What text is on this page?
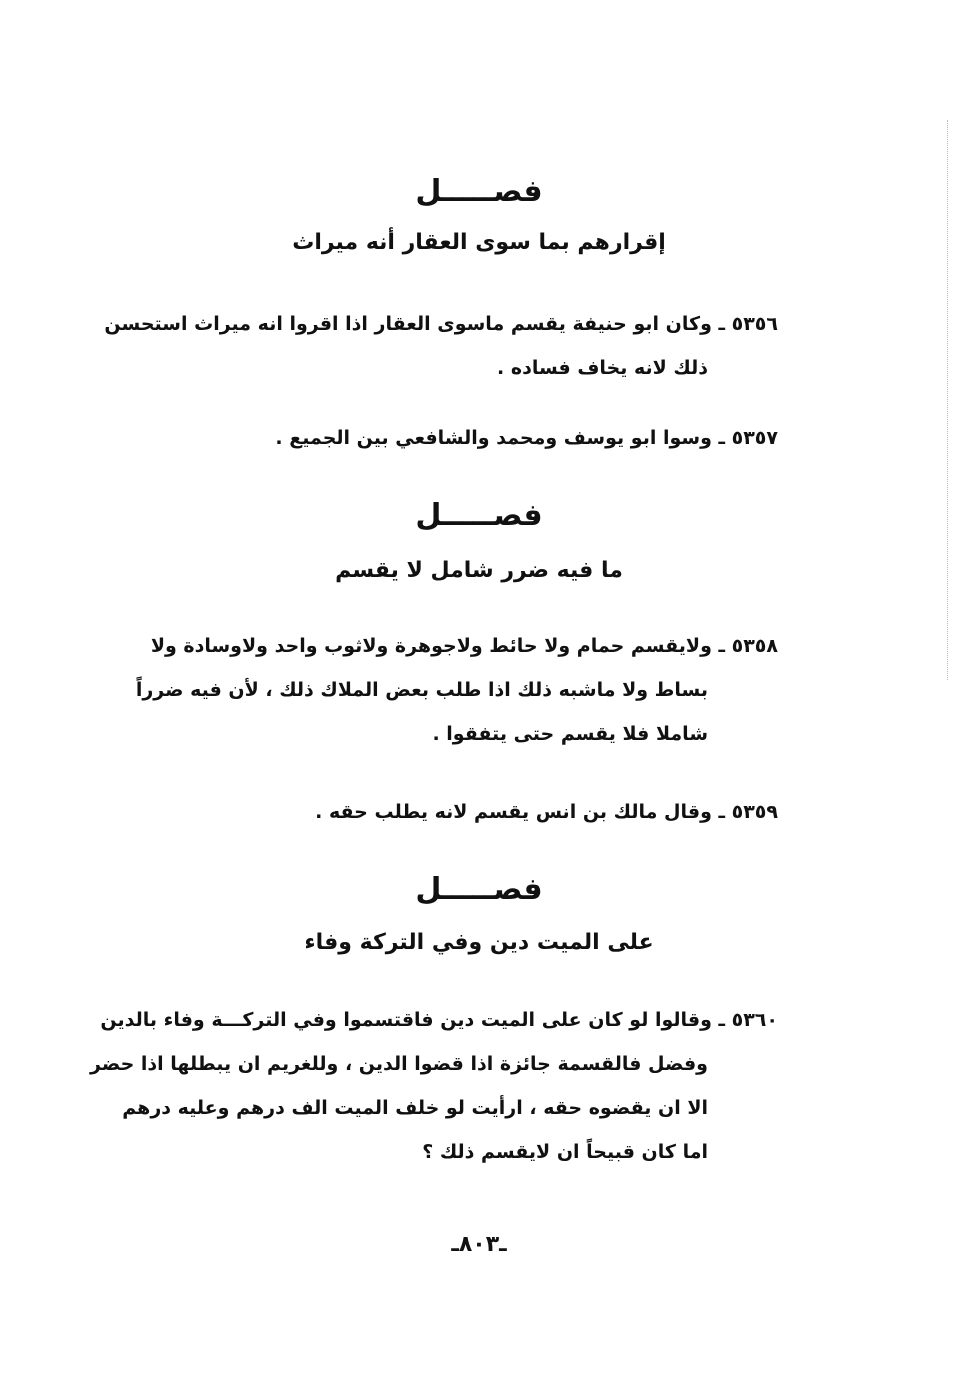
فصـــــل
إقرارهم بما سوى العقار أنه ميراث
٥٣٥٦ ـ وكان ابو حنيفة يقسم ماسوى العقار اذا اقروا انه ميراث استحسن
ذلك لانه يخاف فساده .
٥٣٥٧ ـ وسوا ابو يوسف ومحمد والشافعي بين الجميع .
فصـــــل
ما فيه ضرر شامل لا يقسم
٥٣٥٨ ـ ولايقسم حمام ولا حائط ولاجوهرة ولاثوب واحد ولاوسادة ولا
بساط ولا ماشبه ذلك اذا طلب بعض الملاك ذلك ، لأن فيه ضرراً
شاملا فلا يقسم حتى يتفقوا .
٥٣٥٩ ـ وقال مالك بن انس يقسم لانه يطلب حقه .
فصـــــل
على الميت دين وفي التركة وفاء
٥٣٦٠ ـ وقالوا لو كان على الميت دين فاقتسموا وفي التركـــة وفاء بالدين
وفضل فالقسمة جائزة اذا قضوا الدين ، وللغريم ان يبطلها اذا حضر
الا ان يقضوه حقه ، ارأيت لو خلف الميت الف درهم وعليه درهم
اما كان قبيحاً ان لايقسم ذلك ؟
ـ٨٠٣ـ
